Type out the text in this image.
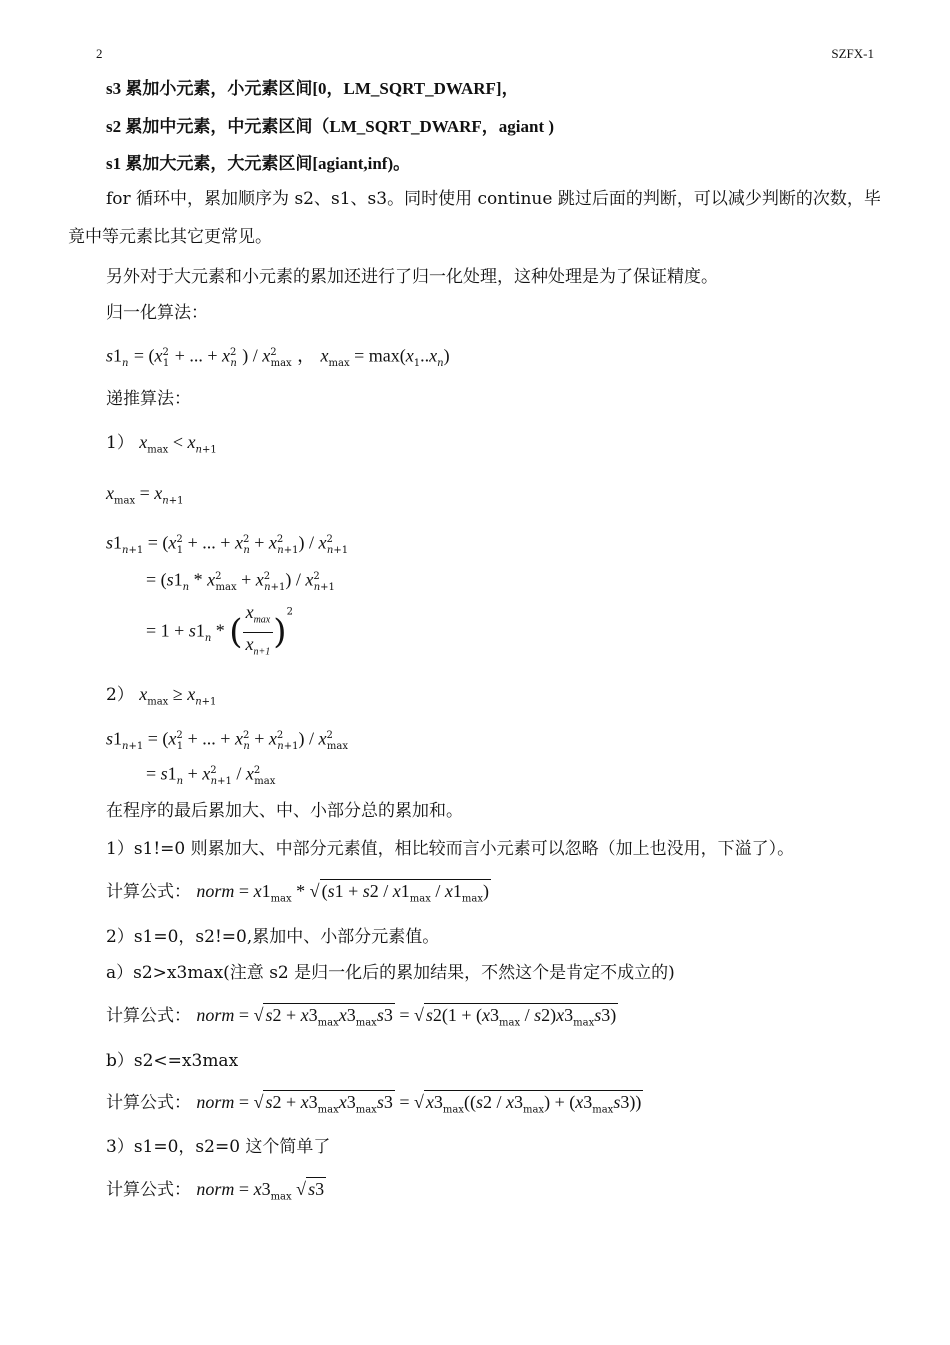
2	SZFX-1
s3 累加小元素，小元素区间[0，LM_SQRT_DWARF]，
s2 累加中元素，中元素区间（LM_SQRT_DWARF，agiant )
s1 累加大元素，大元素区间[agiant,inf)。
for 循环中，累加顺序为 s2、s1、s3。同时使用 continue 跳过后面的判断，可以减少判断的次数，毕竟中等元素比其它更常见。
另外对于大元素和小元素的累加还进行了归一化处理，这种处理是为了保证精度。
归一化算法：
$s1_n = (x^2_1$ + ... + $x^2_n$ ) / $x^2_{max}$ ， $x_{max} = \max(x_1..x_n)$
递推算法：
1） $x_{max} < x_{n+1}$
$x_{max} = x_{n+1}$
$s1_{n+1} = (x^2_1$ + ... + $x^2_n + x^2_{n+1}) / x^2_{n+1}$
= $(s1_n * x^2_{max} + x^2_{n+1}) / x^2_{n+1}$
= $1 + s1_n$ * ( $\frac{x_{max}}{x_{n+1}} )^2$
2） $x_{max} \ge x_{n+1}$
$s1_{n+1} = (x^2_1$ + ... + $x^2_n + x^2_{n+1}) / x^2_{max}$
= $s1_n + x^2_{n+1} / x^2_{max}$
在程序的最后累加大、中、小部分总的累加和。
1）s1!=0 则累加大、中部分元素值，相比较而言小元素可以忽略（加上也没用，下溢了）。
计算公式： norm = $x1_{max}$ * √ $(s1 + s2 / x1_{max} / x1_{max})$
2）s1=0，s2!=0,累加中、小部分元素值。
a）s2>x3max(注意 s2 是归一化后的累加结果，不然这个是肯定不成立的)
计算公式： norm = √ $s2 + x3_{max}x3_{max}s3$ = √ $s2(1 + (x3_{max} / s2)x3_{max}s3)$
b）s2<=x3max
计算公式： norm = √ $s2 + x3_{max}x3_{max}s3$ = √ $x3_{max}((s2 / x3_{max}) + (x3_{max}s3))$
3）s1=0，s2=0 这个简单了
计算公式： norm = $x3_{max}$ √ s3
